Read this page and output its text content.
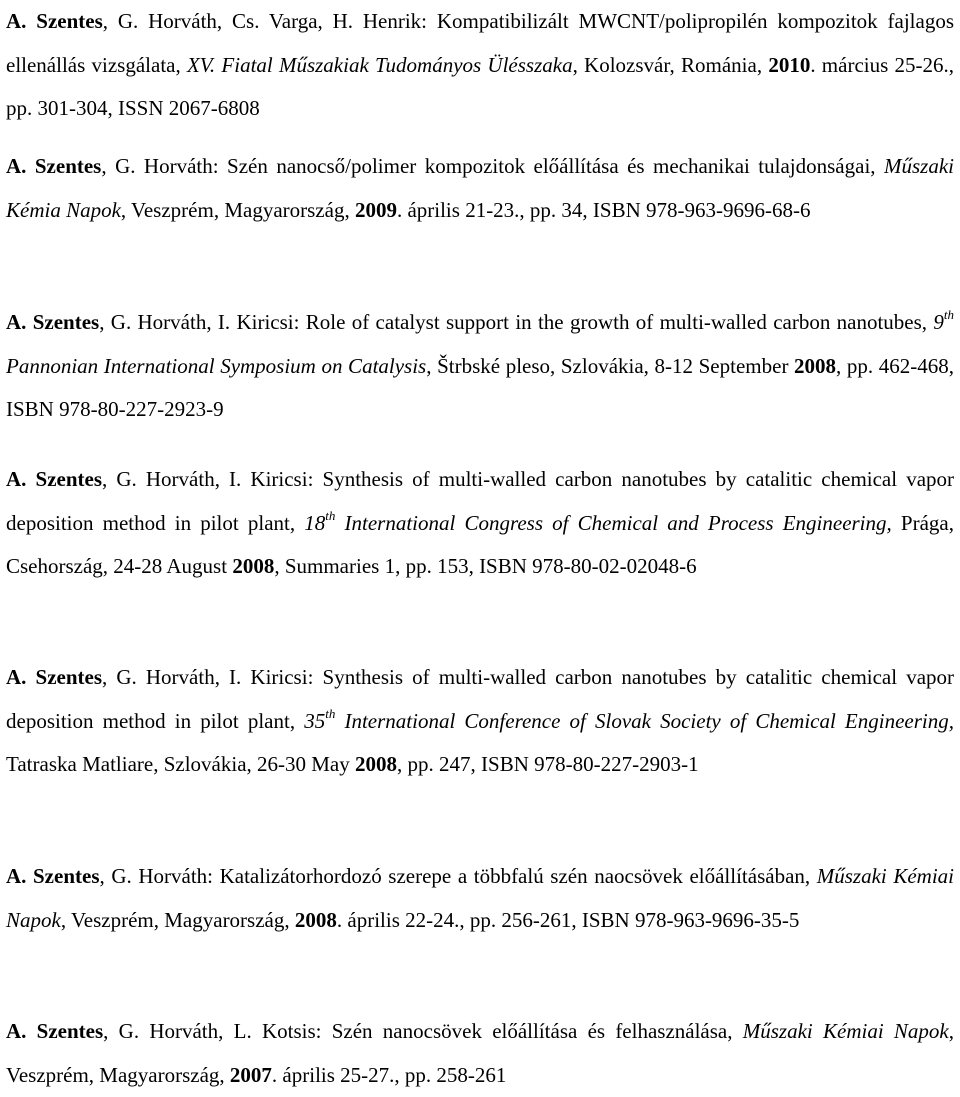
A. Szentes, G. Horváth, Cs. Varga, H. Henrik: Kompatibilizált MWCNT/polipropilén kompozitok fajlagos ellenállás vizsgálata, XV. Fiatal Műszakiak Tudományos Ülésszaka, Kolozsvár, Románia, 2010. március 25-26., pp. 301-304, ISSN 2067-6808

A. Szentes, G. Horváth: Szén nanocső/polimer kompozitok előállítása és mechanikai tulajdonságai, Műszaki Kémia Napok, Veszprém, Magyarország, 2009. április 21-23., pp. 34, ISBN 978-963-9696-68-6

A. Szentes, G. Horváth, I. Kiricsi: Role of catalyst support in the growth of multi-walled carbon nanotubes, 9th Pannonian International Symposium on Catalysis, Štrbské pleso, Szlovákia, 8-12 September 2008, pp. 462-468, ISBN 978-80-227-2923-9

A. Szentes, G. Horváth, I. Kiricsi: Synthesis of multi-walled carbon nanotubes by catalitic chemical vapor deposition method in pilot plant, 18th International Congress of Chemical and Process Engineering, Prága, Csehország, 24-28 August 2008, Summaries 1, pp. 153, ISBN 978-80-02-02048-6

A. Szentes, G. Horváth, I. Kiricsi: Synthesis of multi-walled carbon nanotubes by catalitic chemical vapor deposition method in pilot plant, 35th International Conference of Slovak Society of Chemical Engineering, Tatraska Matliare, Szlovákia, 26-30 May 2008, pp. 247, ISBN 978-80-227-2903-1

A. Szentes, G. Horváth: Katalizátorhordozó szerepe a többfalú szén naocsövek előállításában, Műszaki Kémiai Napok, Veszprém, Magyarország, 2008. április 22-24., pp. 256-261, ISBN 978-963-9696-35-5

A. Szentes, G. Horváth, L. Kotsis: Szén nanocsövek előállítása és felhasználása, Műszaki Kémiai Napok, Veszprém, Magyarország, 2007. április 25-27., pp. 258-261
